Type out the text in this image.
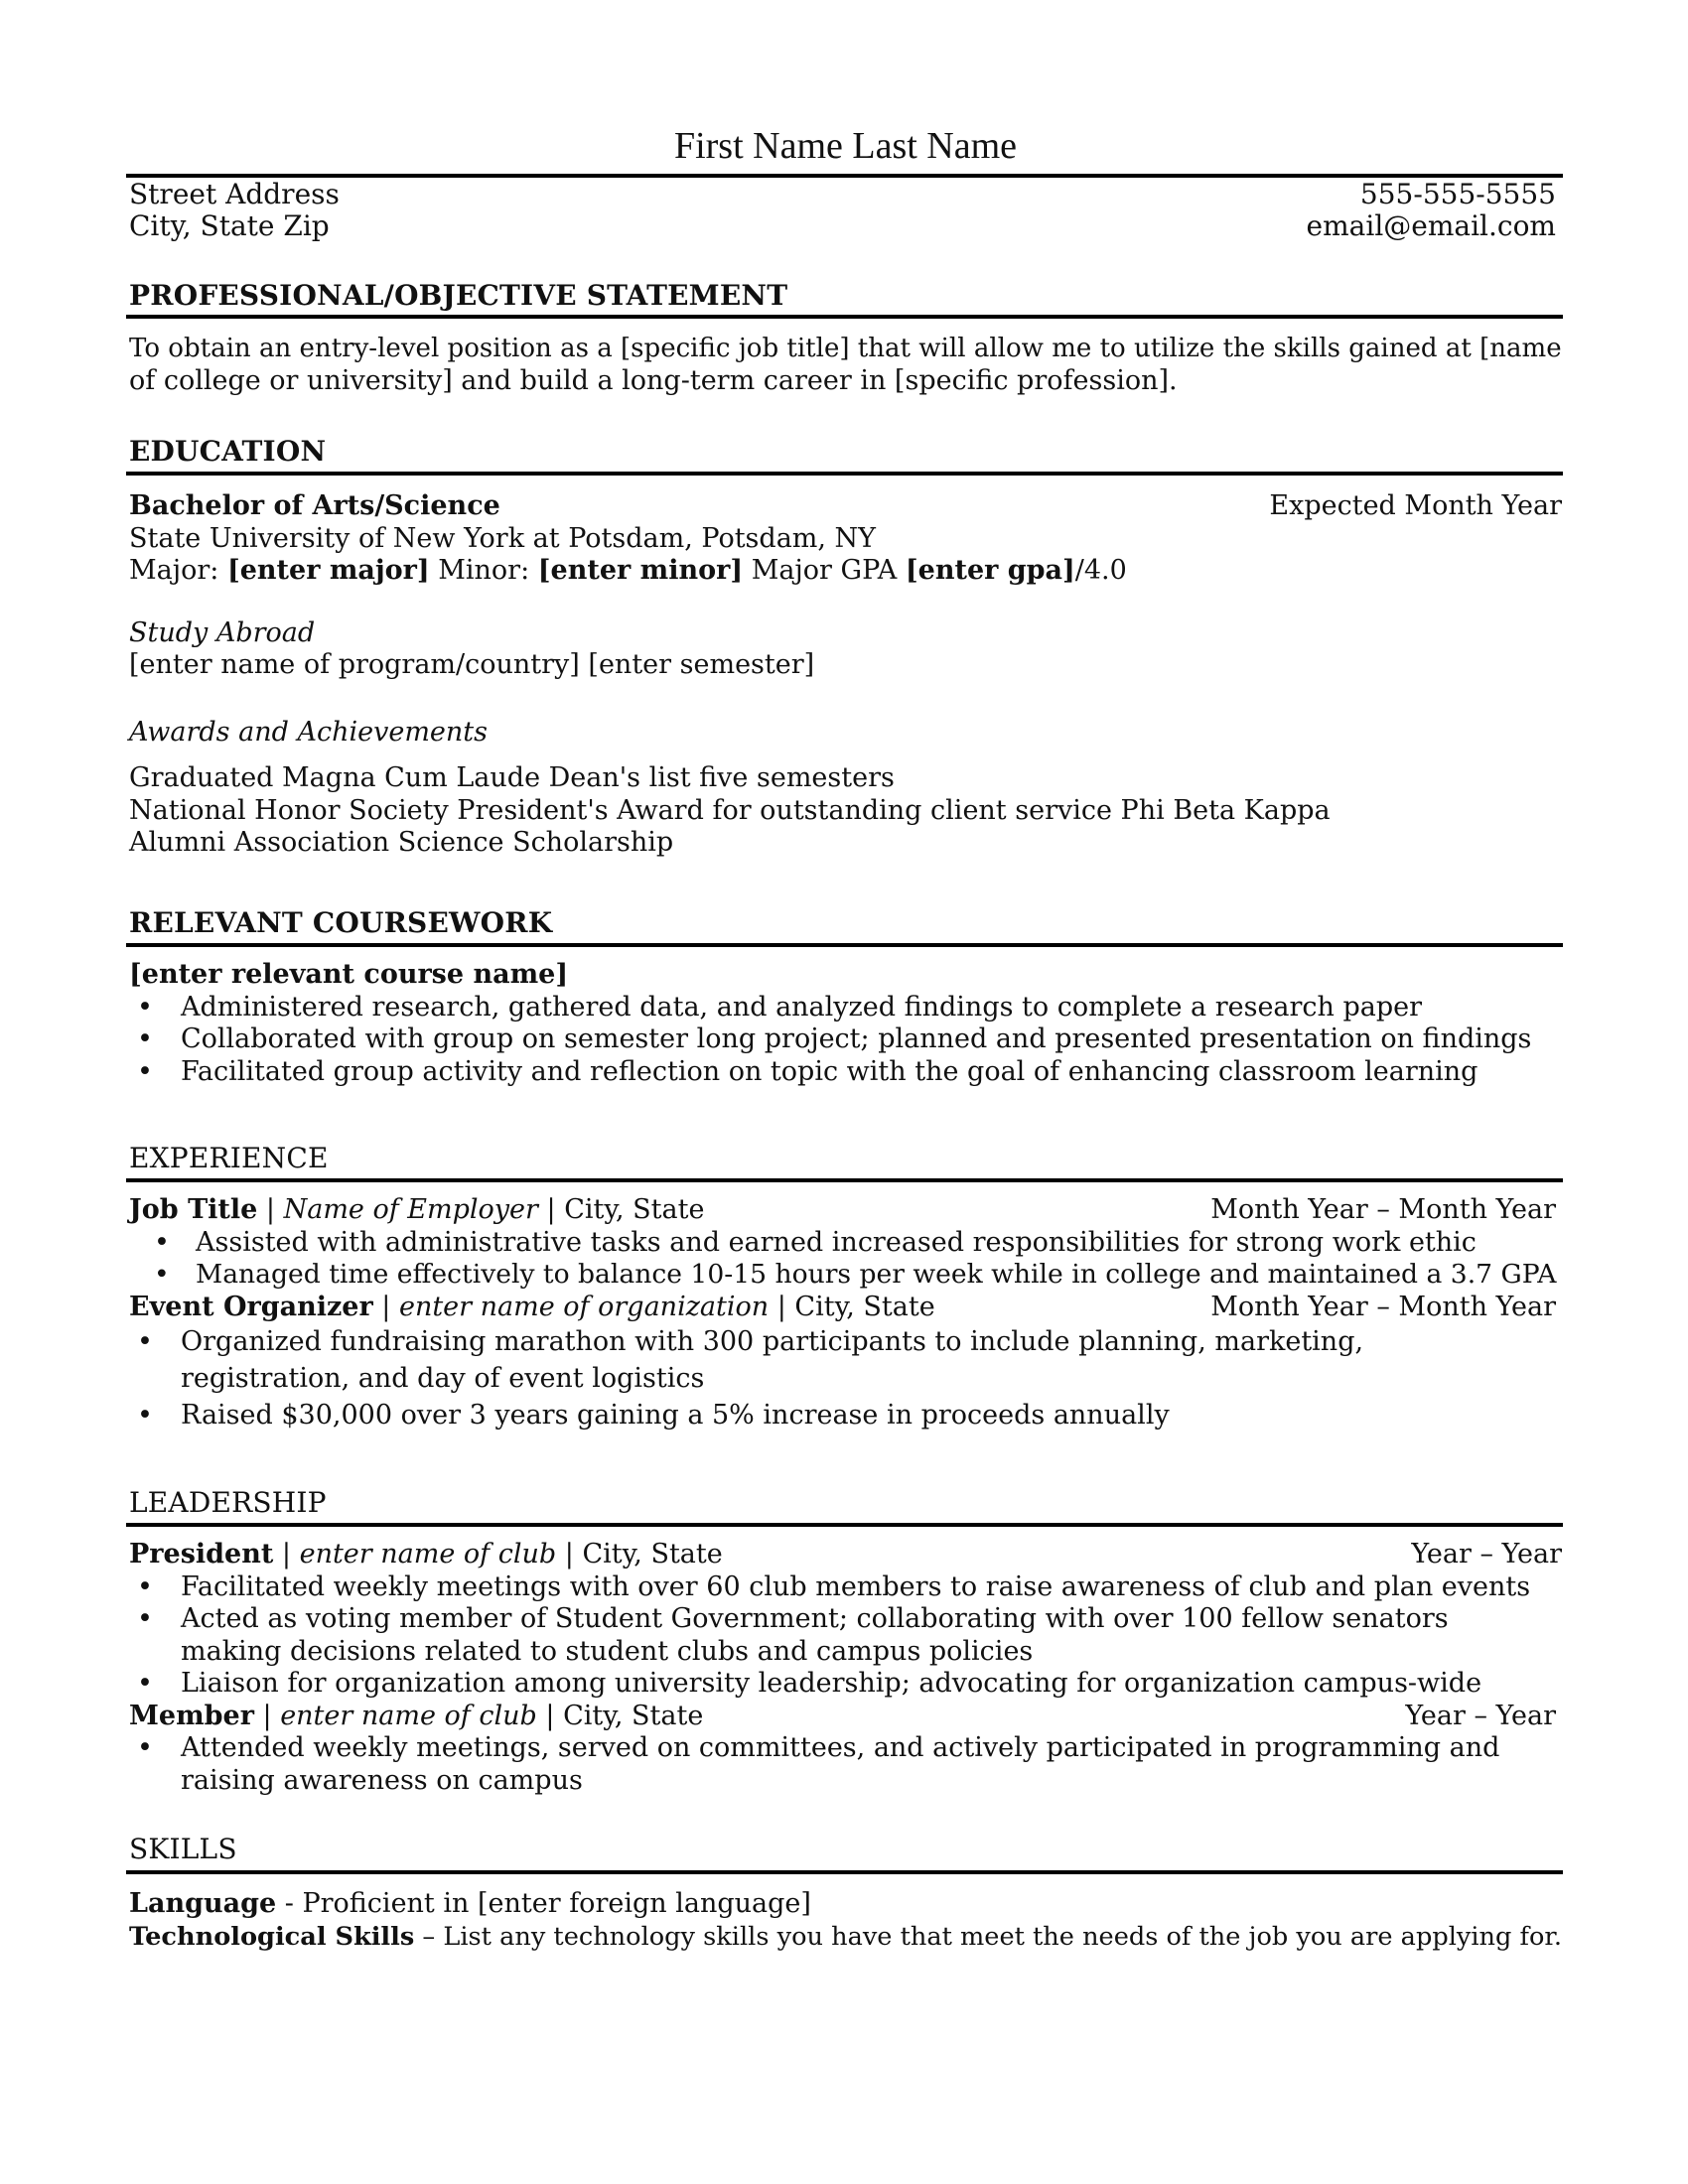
First Name Last Name
Street Address	555-555-5555
City, State Zip	email@email.com
PROFESSIONAL/OBJECTIVE STATEMENT
To obtain an entry-level position as a [specific job title] that will allow me to utilize the skills gained at [name
of college or university] and build a long-term career in [specific profession].
EDUCATION
Bachelor of Arts/Science	Expected Month Year
State University of New York at Potsdam, Potsdam, NY
Major: [enter major] Minor: [enter minor] Major GPA [enter gpa]/4.0
Study Abroad
[enter name of program/country] [enter semester]
Awards and Achievements
Graduated Magna Cum Laude Dean's list five semesters
National Honor Society President's Award for outstanding client service Phi Beta Kappa
Alumni Association Science Scholarship
RELEVANT COURSEWORK
[enter relevant course name]
• Administered research, gathered data, and analyzed findings to complete a research paper
• Collaborated with group on semester long project; planned and presented presentation on findings
• Facilitated group activity and reflection on topic with the goal of enhancing classroom learning
EXPERIENCE
Job Title | Name of Employer | City, State	Month Year – Month Year
• Assisted with administrative tasks and earned increased responsibilities for strong work ethic
• Managed time effectively to balance 10-15 hours per week while in college and maintained a 3.7 GPA
Event Organizer | enter name of organization | City, State	Month Year – Month Year
• Organized fundraising marathon with 300 participants to include planning, marketing, registration, and day of event logistics
• Raised $30,000 over 3 years gaining a 5% increase in proceeds annually
LEADERSHIP
President | enter name of club | City, State	Year – Year
• Facilitated weekly meetings with over 60 club members to raise awareness of club and plan events
• Acted as voting member of Student Government; collaborating with over 100 fellow senators making decisions related to student clubs and campus policies
• Liaison for organization among university leadership; advocating for organization campus-wide
Member | enter name of club | City, State	Year – Year
• Attended weekly meetings, served on committees, and actively participated in programming and raising awareness on campus
SKILLS
Language - Proficient in [enter foreign language]
Technological Skills – List any technology skills you have that meet the needs of the job you are applying for.
